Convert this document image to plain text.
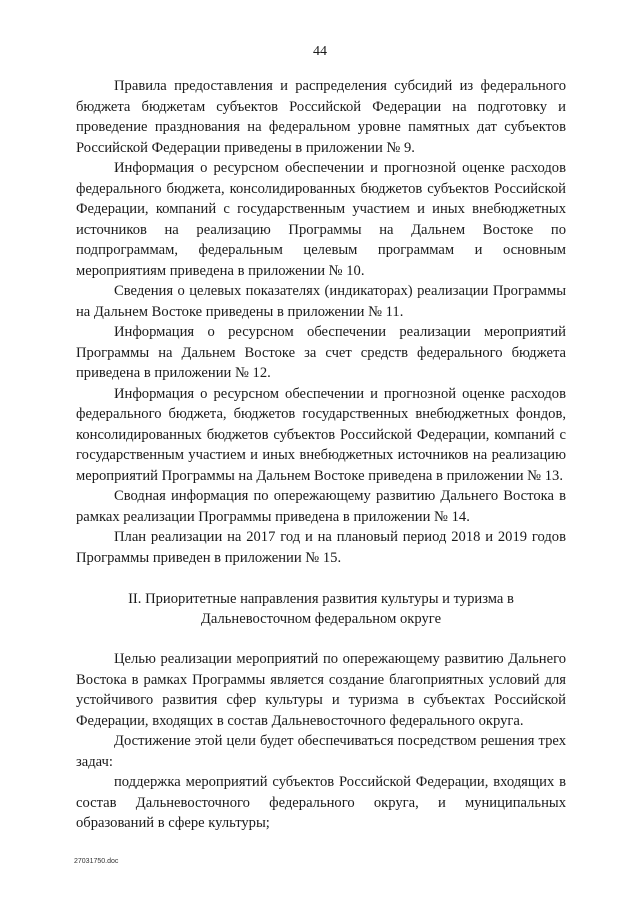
44

Правила предоставления и распределения субсидий из федерального бюджета бюджетам субъектов Российской Федерации на подготовку и проведение празднования на федеральном уровне памятных дат субъектов Российской Федерации приведены в приложении № 9.

Информация о ресурсном обеспечении и прогнозной оценке расходов федерального бюджета, консолидированных бюджетов субъектов Российской Федерации, компаний с государственным участием и иных внебюджетных источников на реализацию Программы на Дальнем Востоке по подпрограммам, федеральным целевым программам и основным мероприятиям приведена в приложении № 10.

Сведения о целевых показателях (индикаторах) реализации Программы на Дальнем Востоке приведены в приложении № 11.

Информация о ресурсном обеспечении реализации мероприятий Программы на Дальнем Востоке за счет средств федерального бюджета приведена в приложении № 12.

Информация о ресурсном обеспечении и прогнозной оценке расходов федерального бюджета, бюджетов государственных внебюджетных фондов, консолидированных бюджетов субъектов Российской Федерации, компаний с государственным участием и иных внебюджетных источников на реализацию мероприятий Программы на Дальнем Востоке приведена в приложении № 13.

Сводная информация по опережающему развитию Дальнего Востока в рамках реализации Программы приведена в приложении № 14.

План реализации на 2017 год и на плановый период 2018 и 2019 годов Программы приведен в приложении № 15.

II. Приоритетные направления развития культуры и туризма в

Дальневосточном федеральном округе

Целью реализации мероприятий по опережающему развитию Дальнего Востока в рамках Программы является создание благоприятных условий для устойчивого развития сфер культуры и туризма в субъектах Российской Федерации, входящих в состав Дальневосточного федерального округа.

Достижение этой цели будет обеспечиваться посредством решения трех задач:

поддержка мероприятий субъектов Российской Федерации, входящих в состав Дальневосточного федерального округа, и муниципальных образований в сфере культуры;

27031750.doc
